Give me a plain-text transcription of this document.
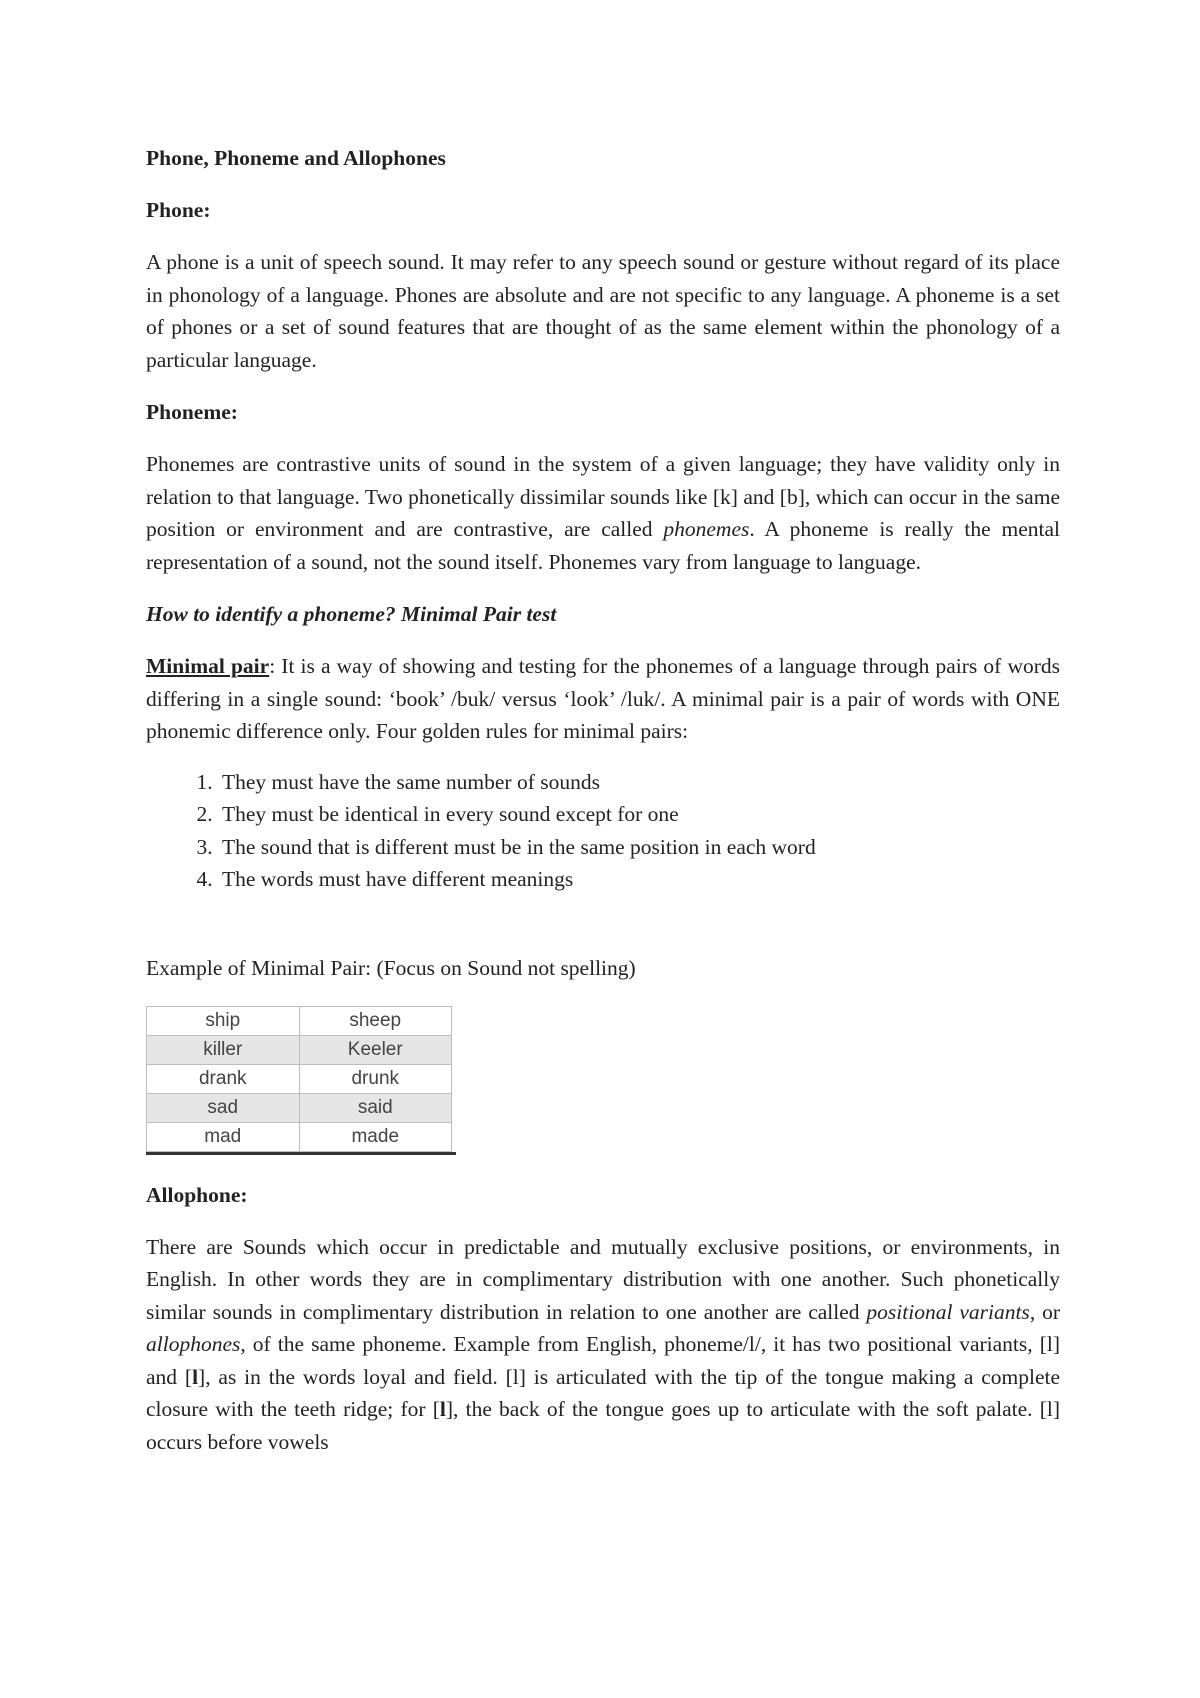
Phone, Phoneme and Allophones

Phone:

A phone is a unit of speech sound. It may refer to any speech sound or gesture without regard of its place in phonology of a language. Phones are absolute and are not specific to any language. A phoneme is a set of phones or a set of sound features that are thought of as the same element within the phonology of a particular language.

Phoneme:

Phonemes are contrastive units of sound in the system of a given language; they have validity only in relation to that language. Two phonetically dissimilar sounds like [k] and [b], which can occur in the same position or environment and are contrastive, are called phonemes. A phoneme is really the mental representation of a sound, not the sound itself. Phonemes vary from language to language.

How to identify a phoneme? Minimal Pair test

Minimal pair: It is a way of showing and testing for the phonemes of a language through pairs of words differing in a single sound: ‘book’ /buk/ versus ‘look’ /luk/. A minimal pair is a pair of words with ONE phonemic difference only. Four golden rules for minimal pairs:

1. They must have the same number of sounds
2. They must be identical in every sound except for one
3. The sound that is different must be in the same position in each word
4. The words must have different meanings

Example of Minimal Pair: (Focus on Sound not spelling)

ship	sheep
killer	Keeler
drank	drunk
sad	said
mad	made

Allophone:

There are Sounds which occur in predictable and mutually exclusive positions, or environments, in English. In other words they are in complimentary distribution with one another. Such phonetically similar sounds in complimentary distribution in relation to one another are called positional variants, or allophones, of the same phoneme. Example from English, phoneme/l/, it has two positional variants, [l] and [l], as in the words loyal and field. [l] is articulated with the tip of the tongue making a complete closure with the teeth ridge; for [l], the back of the tongue goes up to articulate with the soft palate. [l] occurs before vowels
